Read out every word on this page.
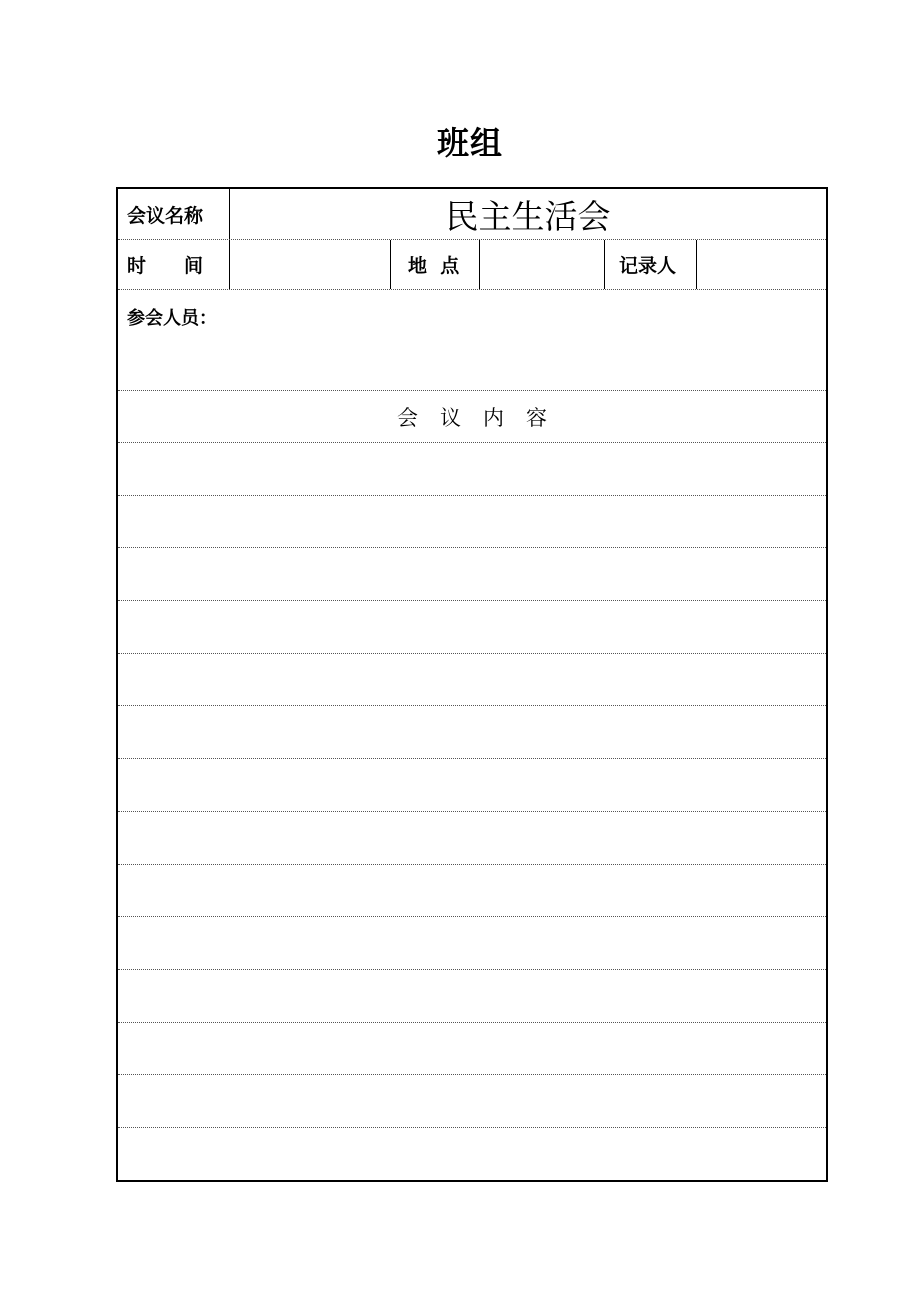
班组
会议名称	民主生活会
时　　间	地  点	记录人
参会人员：
会议内容
